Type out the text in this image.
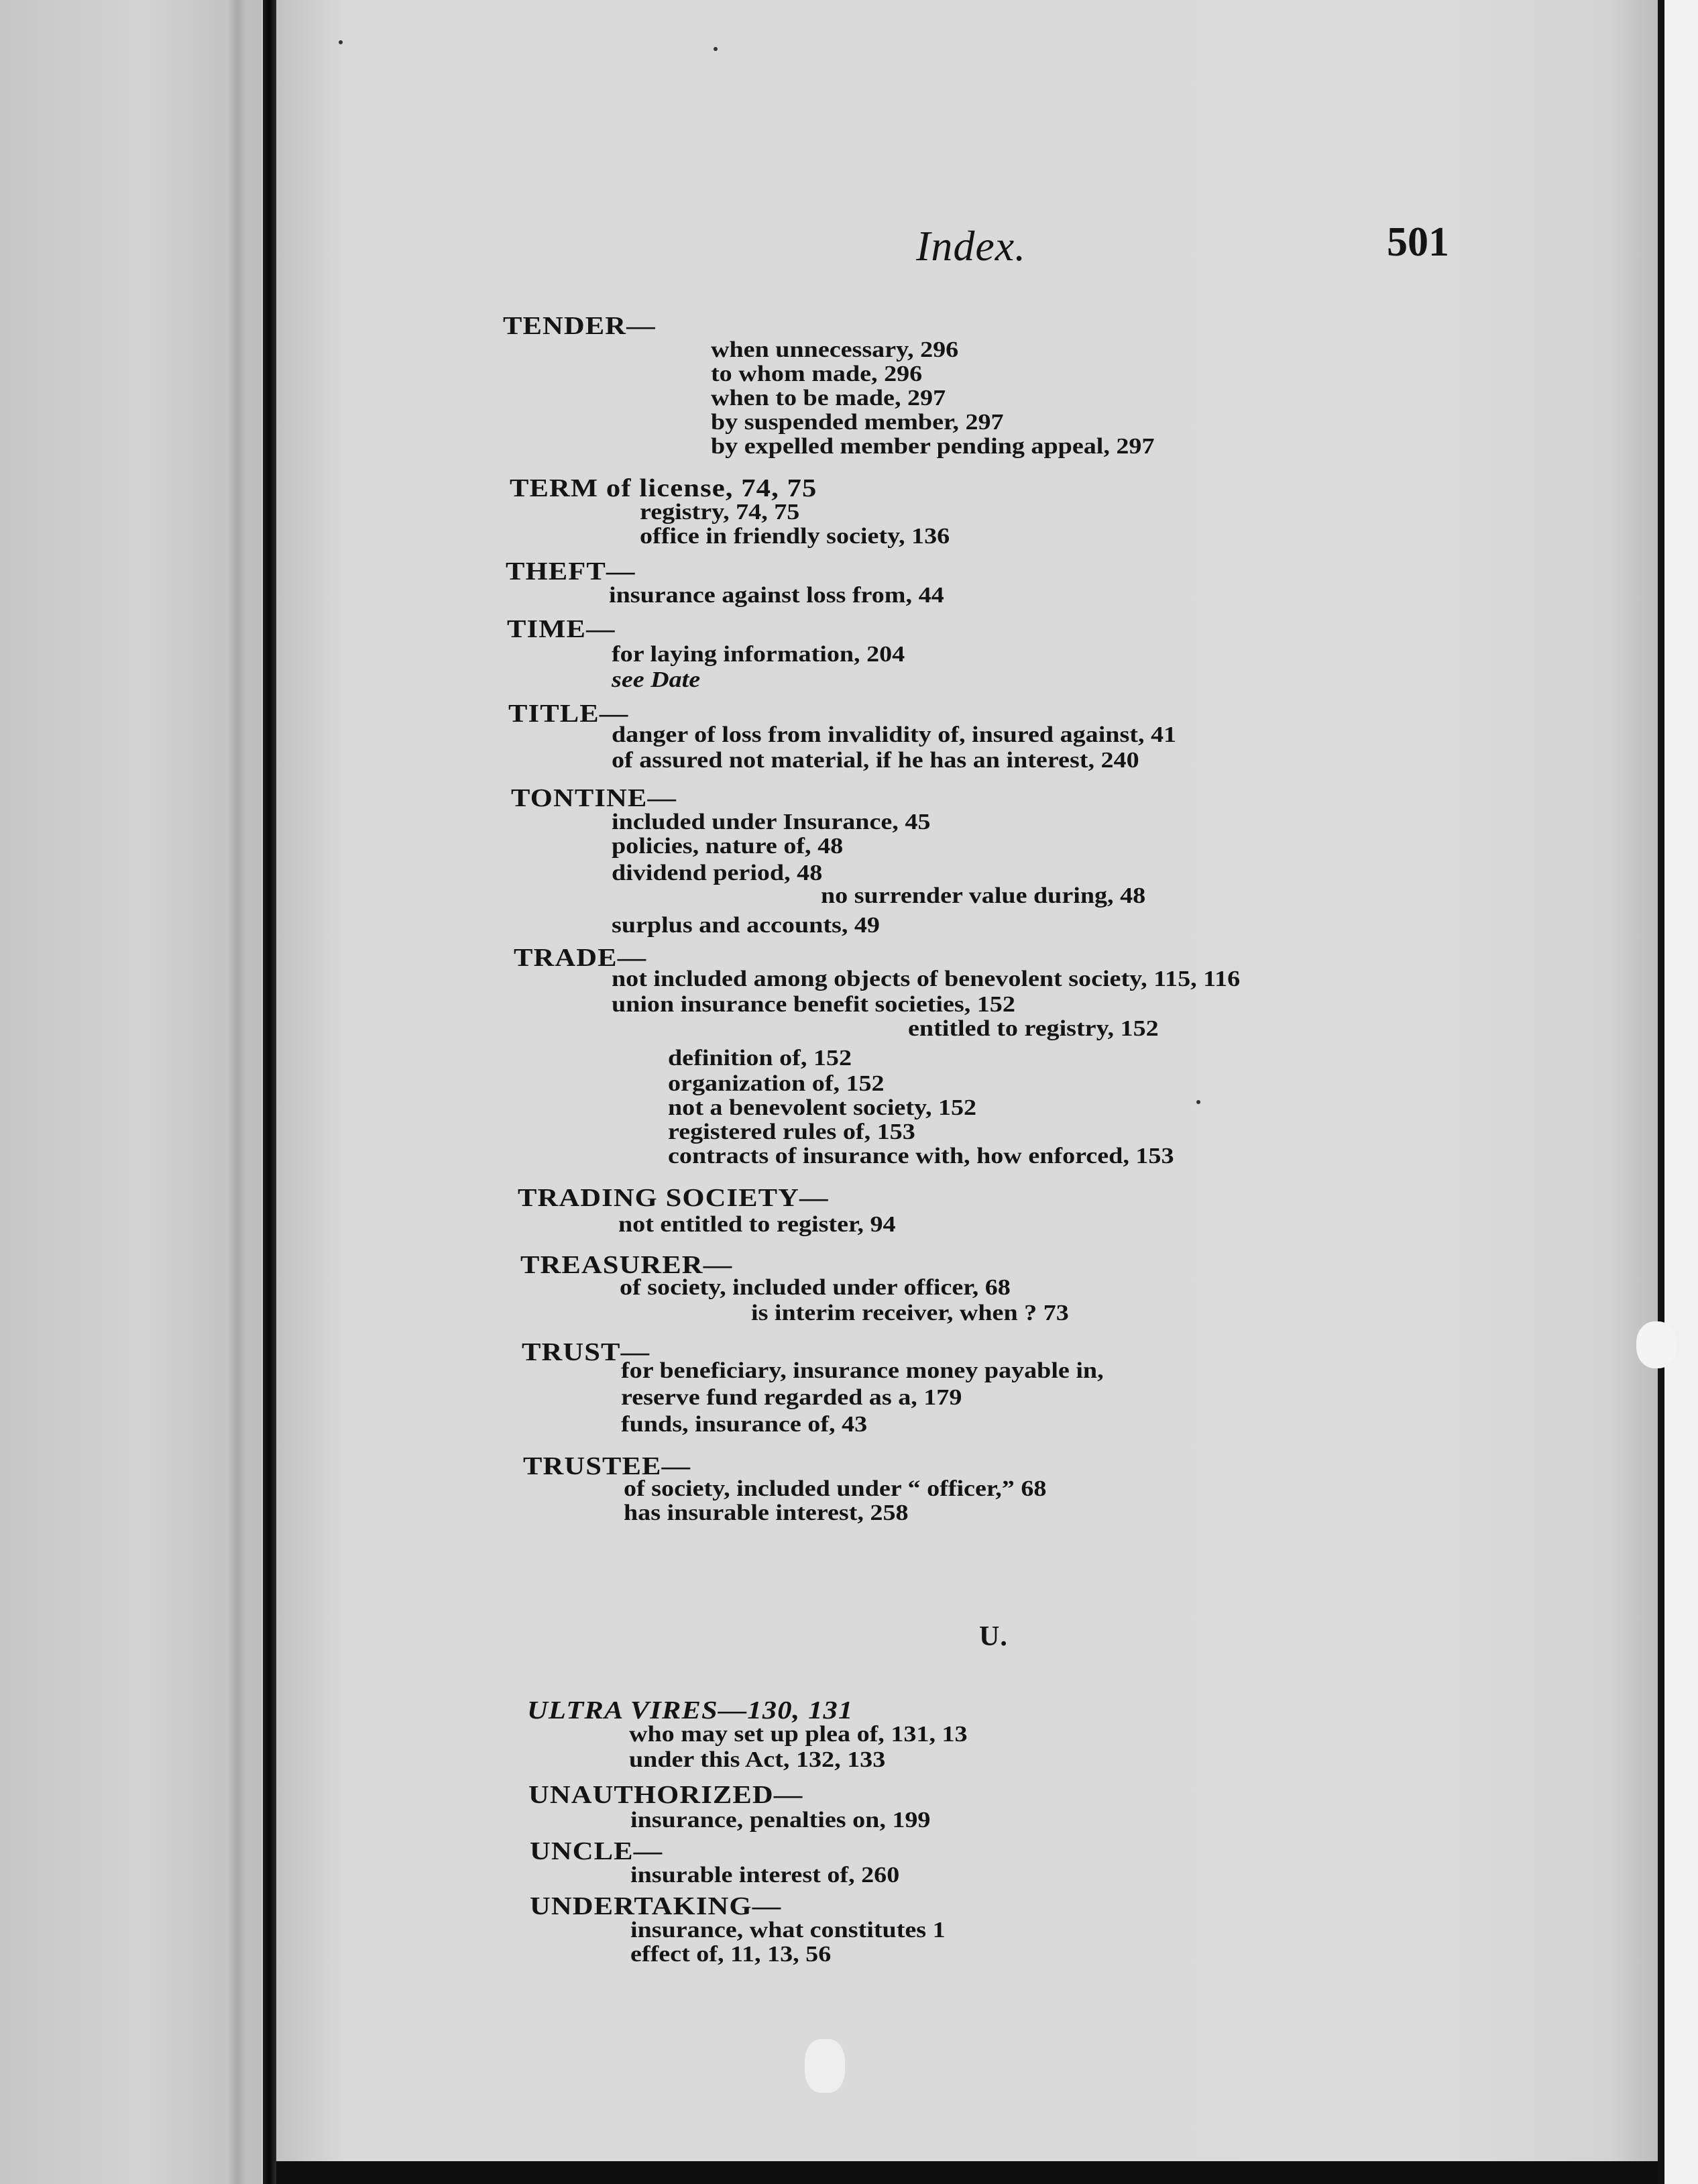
Index.	501
TENDER—
when unnecessary, 296
to whom made, 296
when to be made, 297
by suspended member, 297
by expelled member pending appeal, 297
TERM of license, 74, 75
registry, 74, 75
office in friendly society, 136
THEFT—
insurance against loss from, 44
TIME—
for laying information, 204
see Date
TITLE—
danger of loss from invalidity of, insured against, 41
of assured not material, if he has an interest, 240
TONTINE—
included under Insurance, 45
policies, nature of, 48
dividend period, 48
no surrender value during, 48
surplus and accounts, 49
TRADE—
not included among objects of benevolent society, 115, 116
union insurance benefit societies, 152
entitled to registry, 152
definition of, 152
organization of, 152
not a benevolent society, 152
registered rules of, 153
contracts of insurance with, how enforced, 153
TRADING SOCIETY—
not entitled to register, 94
TREASURER—
of society, included under officer, 68
is interim receiver, when ? 73
TRUST—
for beneficiary, insurance money payable in,
reserve fund regarded as a, 179
funds, insurance of, 43
TRUSTEE—
of society, included under “ officer,” 68
has insurable interest, 258
U.
ULTRA VIRES—130, 131
who may set up plea of, 131, 13
under this Act, 132, 133
UNAUTHORIZED—
insurance, penalties on, 199
UNCLE—
insurable interest of, 260
UNDERTAKING—
insurance, what constitutes 1
effect of, 11, 13, 56
